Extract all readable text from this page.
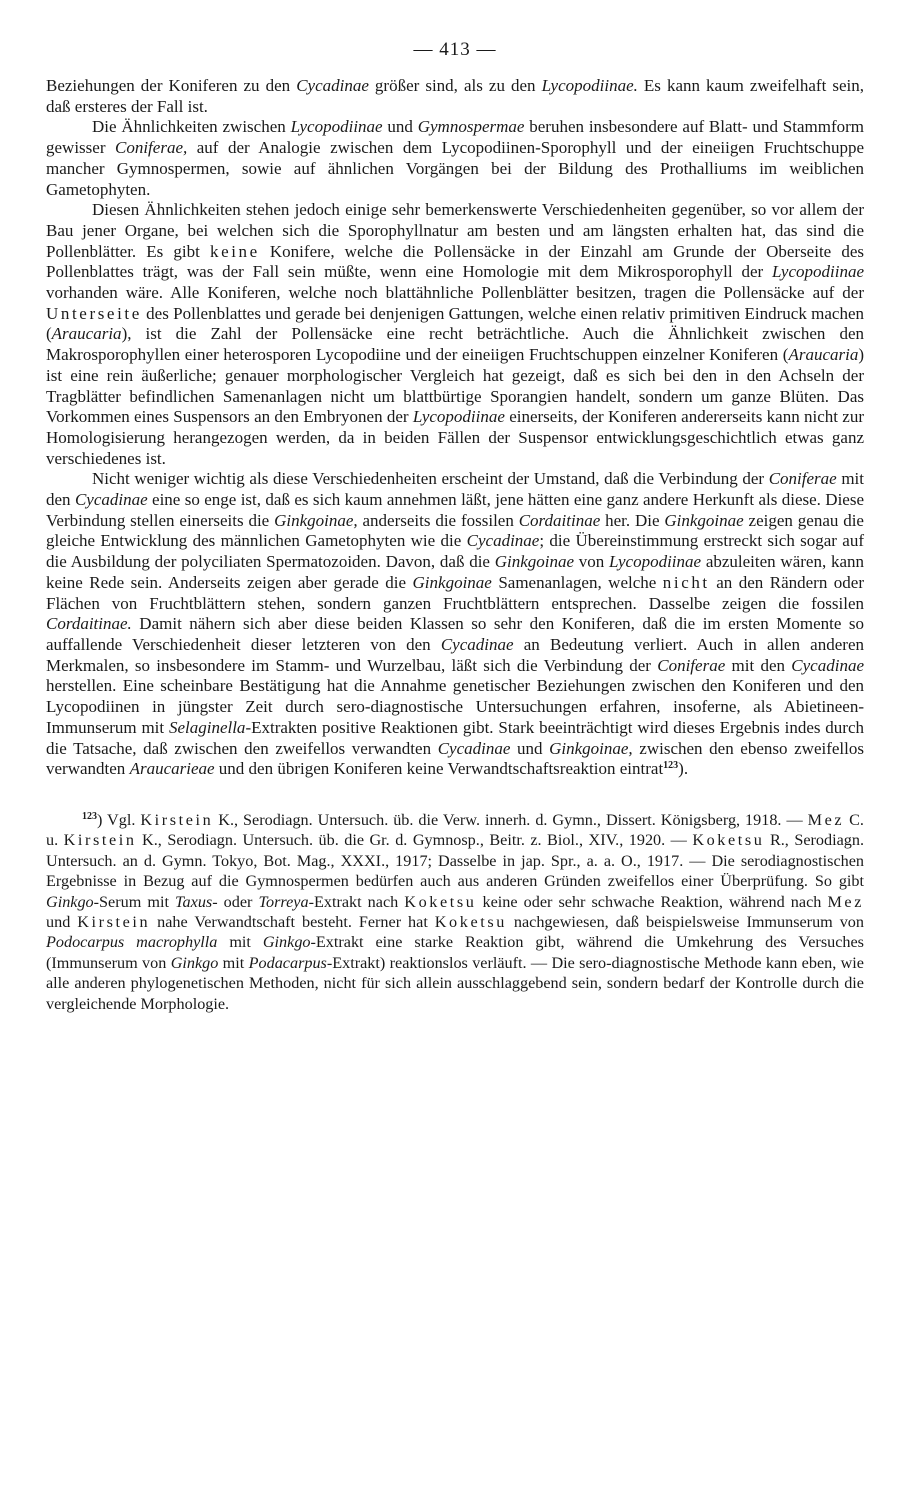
— 413 —

Beziehungen der Koniferen zu den Cycadinae größer sind, als zu den Lycopodiinae. Es kann kaum zweifelhaft sein, daß ersteres der Fall ist.

Die Ähnlichkeiten zwischen Lycopodiinae und Gymnospermae beruhen insbesondere auf Blatt- und Stammform gewisser Coniferae, auf der Analogie zwischen dem Lycopodiinen-Sporophyll und der eineiigen Fruchtschuppe mancher Gymnospermen, sowie auf ähnlichen Vorgängen bei der Bildung des Prothalliums im weiblichen Gametophyten.

Diesen Ähnlichkeiten stehen jedoch einige sehr bemerkenswerte Verschiedenheiten gegenüber, so vor allem der Bau jener Organe, bei welchen sich die Sporophyllnatur am besten und am längsten erhalten hat, das sind die Pollenblätter. Es gibt keine Konifere, welche die Pollensäcke in der Einzahl am Grunde der Oberseite des Pollenblattes trägt, was der Fall sein müßte, wenn eine Homologie mit dem Mikrosporophyll der Lycopodiinae vorhanden wäre. Alle Koniferen, welche noch blattähnliche Pollenblätter besitzen, tragen die Pollensäcke auf der Unterseite des Pollenblattes und gerade bei denjenigen Gattungen, welche einen relativ primitiven Eindruck machen (Araucaria), ist die Zahl der Pollensäcke eine recht beträchtliche. Auch die Ähnlichkeit zwischen den Makrosporophyllen einer heterosporen Lycopodiine und der eineiigen Fruchtschuppen einzelner Koniferen (Araucaria) ist eine rein äußerliche; genauer morphologischer Vergleich hat gezeigt, daß es sich bei den in den Achseln der Tragblätter befindlichen Samenanlagen nicht um blattbürtige Sporangien handelt, sondern um ganze Blüten. Das Vorkommen eines Suspensors an den Embryonen der Lycopodiinae einerseits, der Koniferen andererseits kann nicht zur Homologisierung herangezogen werden, da in beiden Fällen der Suspensor entwicklungsgeschichtlich etwas ganz verschiedenes ist.

Nicht weniger wichtig als diese Verschiedenheiten erscheint der Umstand, daß die Verbindung der Coniferae mit den Cycadinae eine so enge ist, daß es sich kaum annehmen läßt, jene hätten eine ganz andere Herkunft als diese. Diese Verbindung stellen einerseits die Ginkgoinae, anderseits die fossilen Cordaitinae her. Die Ginkgoinae zeigen genau die gleiche Entwicklung des männlichen Gametophyten wie die Cycadinae; die Übereinstimmung erstreckt sich sogar auf die Ausbildung der polyciliaten Spermatozoiden. Davon, daß die Ginkgoinae von Lycopodiinae abzuleiten wären, kann keine Rede sein. Anderseits zeigen aber gerade die Ginkgoinae Samenanlagen, welche nicht an den Rändern oder Flächen von Fruchtblättern stehen, sondern ganzen Fruchtblättern entsprechen. Dasselbe zeigen die fossilen Cordaitinae. Damit nähern sich aber diese beiden Klassen so sehr den Koniferen, daß die im ersten Momente so auffallende Verschiedenheit dieser letzteren von den Cycadinae an Bedeutung verliert. Auch in allen anderen Merkmalen, so insbesondere im Stamm- und Wurzelbau, läßt sich die Verbindung der Coniferae mit den Cycadinae herstellen. Eine scheinbare Bestätigung hat die Annahme genetischer Beziehungen zwischen den Koniferen und den Lycopodiinen in jüngster Zeit durch sero-diagnostische Untersuchungen erfahren, insoferne, als Abietineen-Immunserum mit Selaginella-Extrakten positive Reaktionen gibt. Stark beeinträchtigt wird dieses Ergebnis indes durch die Tatsache, daß zwischen den zweifellos verwandten Cycadinae und Ginkgoinae, zwischen den ebenso zweifellos verwandten Araucarieae und den übrigen Koniferen keine Verwandtschaftsreaktion eintrat$^{123}$).

$^{123}$) Vgl. Kirstein K., Serodiagn. Untersuch. üb. die Verw. innerh. d. Gymn., Dissert. Königsberg, 1918. — Mez C. u. Kirstein K., Serodiagn. Untersuch. üb. die Gr. d. Gymnosp., Beitr. z. Biol., XIV., 1920. — Koketsu R., Serodiagn. Untersuch. an d. Gymn. Tokyo, Bot. Mag., XXXI., 1917; Dasselbe in jap. Spr., a. a. O., 1917. — Die serodiagnostischen Ergebnisse in Bezug auf die Gymnospermen bedürfen auch aus anderen Gründen zweifellos einer Überprüfung. So gibt Ginkgo-Serum mit Taxus- oder Torreya-Extrakt nach Koketsu keine oder sehr schwache Reaktion, während nach Mez und Kirstein nahe Verwandtschaft besteht. Ferner hat Koketsu nachgewiesen, daß beispielsweise Immunserum von Podocarpus macrophylla mit Ginkgo-Extrakt eine starke Reaktion gibt, während die Umkehrung des Versuches (Immunserum von Ginkgo mit Podacarpus-Extrakt) reaktionslos verläuft. — Die sero-diagnostische Methode kann eben, wie alle anderen phylogenetischen Methoden, nicht für sich allein ausschlaggebend sein, sondern bedarf der Kontrolle durch die vergleichende Morphologie.
